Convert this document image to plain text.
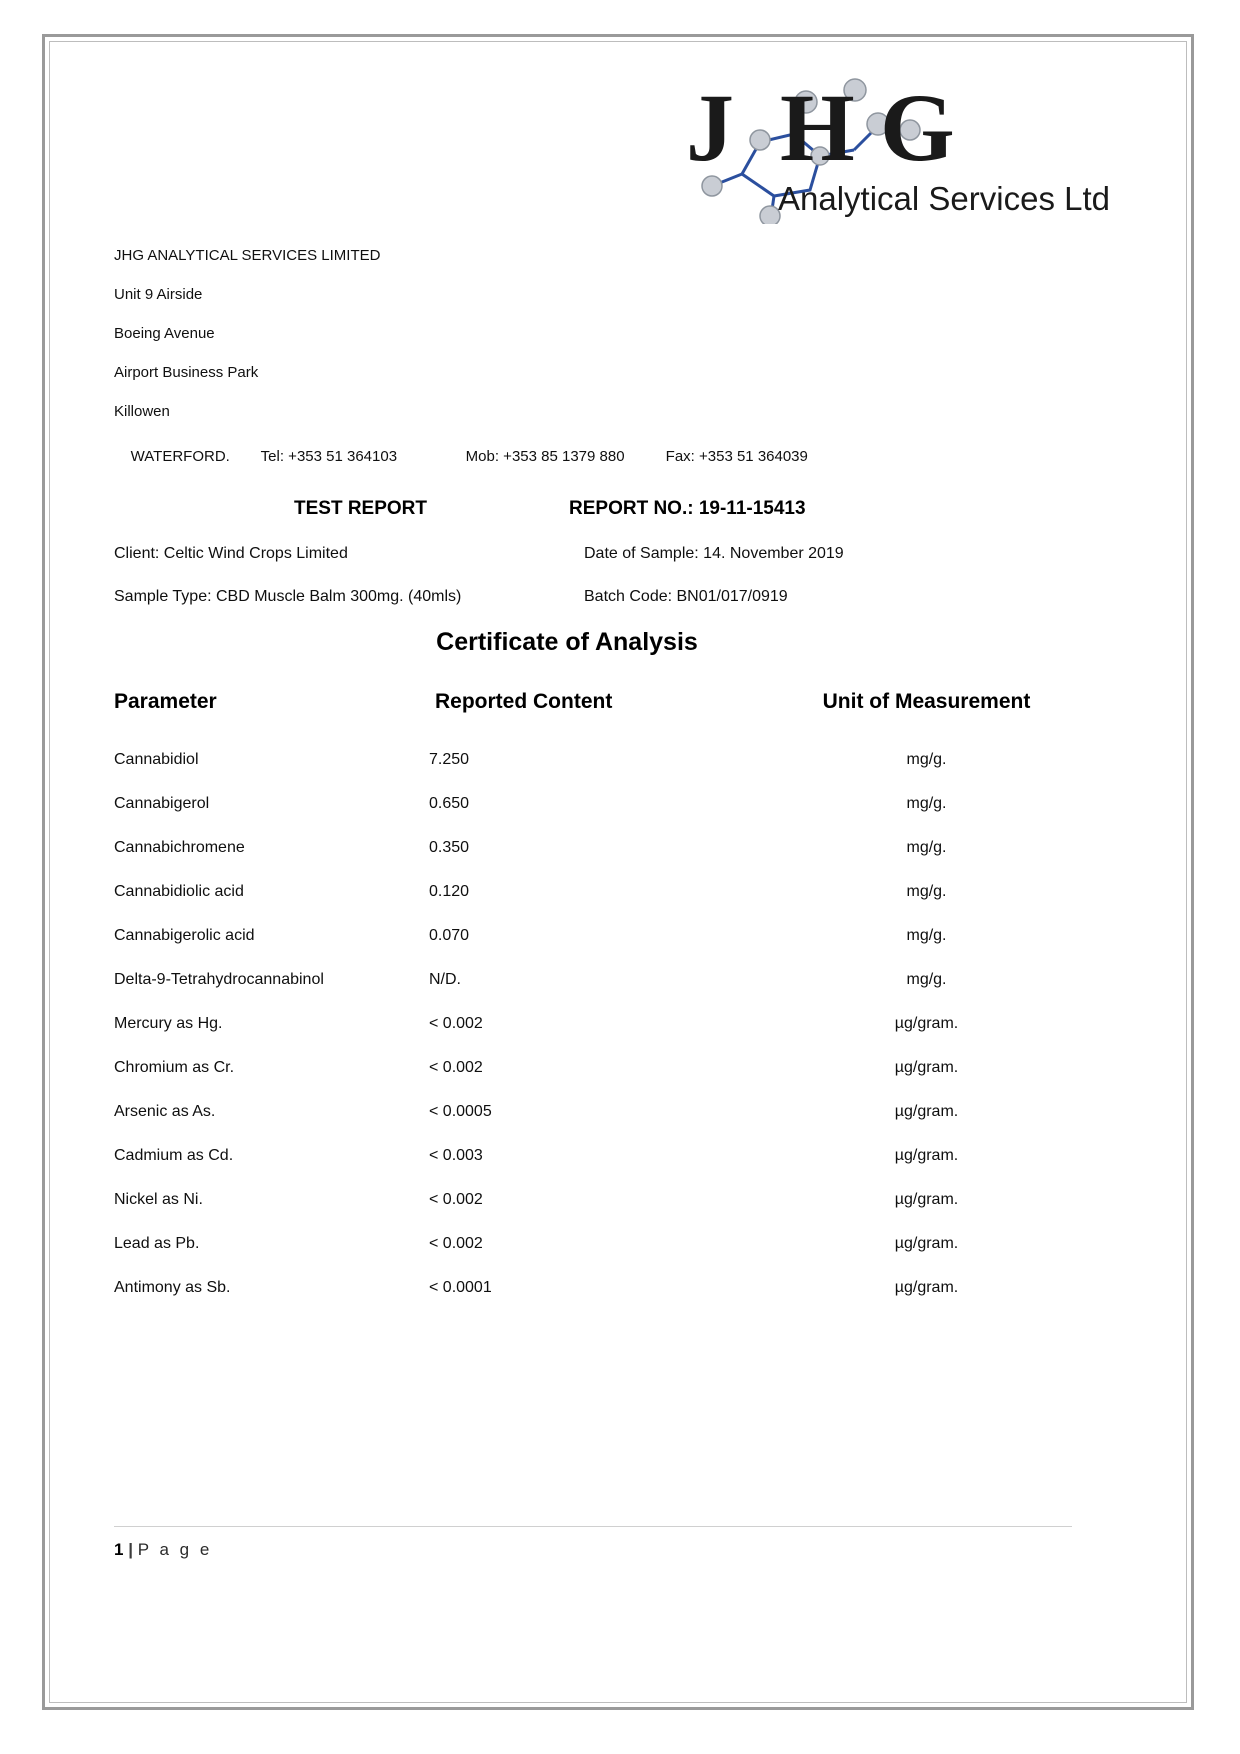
J H G
Analytical Services Ltd
JHG ANALYTICAL SERVICES LIMITED
Unit 9 Airside
Boeing Avenue
Airport Business Park
Killowen

WATERFORD. Tel: +353 51 364103	Mob: +353 85 1379 880	Fax: +353 51 364039

TEST REPORT	REPORT NO.: 19-11-15413
Client: Celtic Wind Crops Limited	Date of Sample: 14. November 2019
Sample Type: CBD Muscle Balm 300mg. (40mls)	Batch Code: BN01/017/0919
Certificate of Analysis
Parameter	Reported Content	Unit of Measurement
Cannabidiol	7.250	mg/g.
Cannabigerol	0.650	mg/g.
Cannabichromene	0.350	mg/g.
Cannabidiolic acid	0.120	mg/g.
Cannabigerolic acid	0.070	mg/g.
Delta-9-Tetrahydrocannabinol	N/D.	mg/g.
Mercury as Hg.	< 0.002	µg/gram.
Chromium as Cr.	< 0.002	µg/gram.
Arsenic as As.	< 0.0005	µg/gram.
Cadmium as Cd.	< 0.003	µg/gram.
Nickel as Ni.	< 0.002	µg/gram.
Lead as Pb.	< 0.002	µg/gram.
Antimony as Sb.	< 0.0001	µg/gram.
1 | P a g e
